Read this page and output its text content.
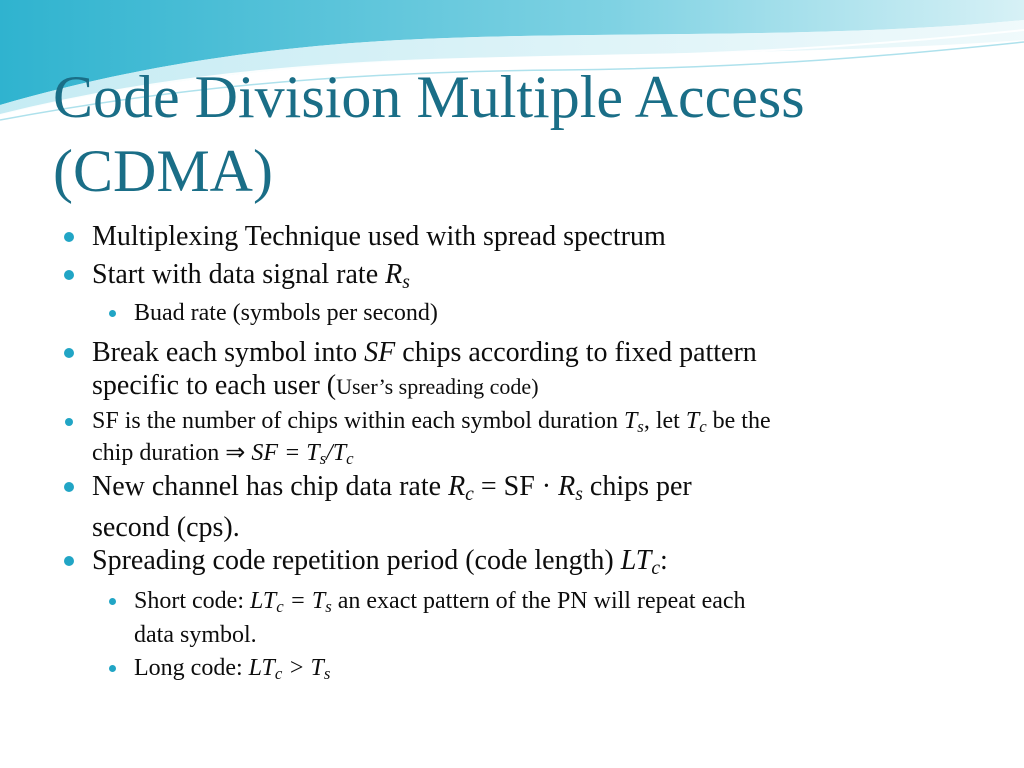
Code Division Multiple Access
(CDMA)
Multiplexing Technique used with spread spectrum
Start with data signal rate $R_s$
Buad rate (symbols per second)
Break each symbol into SF chips according to fixed pattern
specific to each user (User’s spreading code)
SF is the number of chips within each symbol duration $T_s$, let $T_c$ be the
chip duration ⇒ SF = $T_s/T_c$
New channel has chip data rate $R_c$ = SF · $R_s$ chips per
second (cps).
Spreading code repetition period (code length) $LT_c$:
Short code: $LT_c = T_s$ an exact pattern of the PN will repeat each
data symbol.
Long code: $LT_c > T_s$
